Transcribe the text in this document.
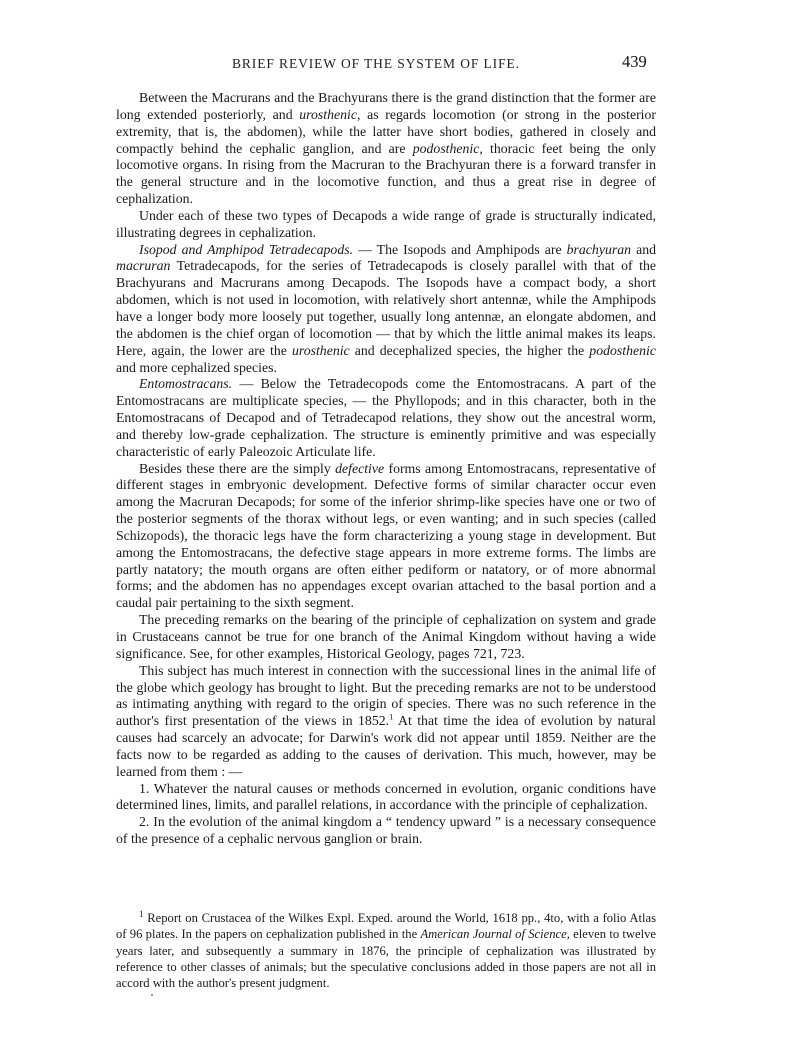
BRIEF REVIEW OF THE SYSTEM OF LIFE.	439

Between the Macrurans and the Brachyurans there is the grand distinction that the former are long extended posteriorly, and urosthenic, as regards locomotion (or strong in the posterior extremity, that is, the abdomen), while the latter have short bodies, gathered in closely and compactly behind the cephalic ganglion, and are podosthenic, thoracic feet being the only locomotive organs. In rising from the Macruran to the Brachyuran there is a forward transfer in the general structure and in the locomotive function, and thus a great rise in degree of cephalization.

Under each of these two types of Decapods a wide range of grade is structurally indicated, illustrating degrees in cephalization.

Isopod and Amphipod Tetradecapods. — The Isopods and Amphipods are brachyuran and macruran Tetradecapods, for the series of Tetradecapods is closely parallel with that of the Brachyurans and Macrurans among Decapods. The Isopods have a compact body, a short abdomen, which is not used in locomotion, with relatively short antennæ, while the Amphipods have a longer body more loosely put together, usually long antennæ, an elongate abdomen, and the abdomen is the chief organ of locomotion — that by which the little animal makes its leaps. Here, again, the lower are the urosthenic and decephalized species, the higher the podosthenic and more cephalized species.

Entomostracans. — Below the Tetradecopods come the Entomostracans. A part of the Entomostracans are multiplicate species, — the Phyllopods; and in this character, both in the Entomostracans of Decapod and of Tetradecapod relations, they show out the ancestral worm, and thereby low-grade cephalization. The structure is eminently primitive and was especially characteristic of early Paleozoic Articulate life.

Besides these there are the simply defective forms among Entomostracans, representative of different stages in embryonic development. Defective forms of similar character occur even among the Macruran Decapods; for some of the inferior shrimp-like species have one or two of the posterior segments of the thorax without legs, or even wanting; and in such species (called Schizopods), the thoracic legs have the form characterizing a young stage in development. But among the Entomostracans, the defective stage appears in more extreme forms. The limbs are partly natatory; the mouth organs are often either pediform or natatory, or of more abnormal forms; and the abdomen has no appendages except ovarian attached to the basal portion and a caudal pair pertaining to the sixth segment.

The preceding remarks on the bearing of the principle of cephalization on system and grade in Crustaceans cannot be true for one branch of the Animal Kingdom without having a wide significance. See, for other examples, Historical Geology, pages 721, 723.

This subject has much interest in connection with the successional lines in the animal life of the globe which geology has brought to light. But the preceding remarks are not to be understood as intimating anything with regard to the origin of species. There was no such reference in the author's first presentation of the views in 1852.$^1$ At that time the idea of evolution by natural causes had scarcely an advocate; for Darwin's work did not appear until 1859. Neither are the facts now to be regarded as adding to the causes of derivation. This much, however, may be learned from them : —

1. Whatever the natural causes or methods concerned in evolution, organic conditions have determined lines, limits, and parallel relations, in accordance with the principle of cephalization.

2. In the evolution of the animal kingdom a “ tendency upward ” is a necessary consequence of the presence of a cephalic nervous ganglion or brain.

$^1$ Report on Crustacea of the Wilkes Expl. Exped. around the World, 1618 pp., 4to, with a folio Atlas of 96 plates. In the papers on cephalization published in the American Journal of Science, eleven to twelve years later, and subsequently a summary in 1876, the principle of cephalization was illustrated by reference to other classes of animals; but the speculative conclusions added in those papers are not all in accord with the author's present judgment.
